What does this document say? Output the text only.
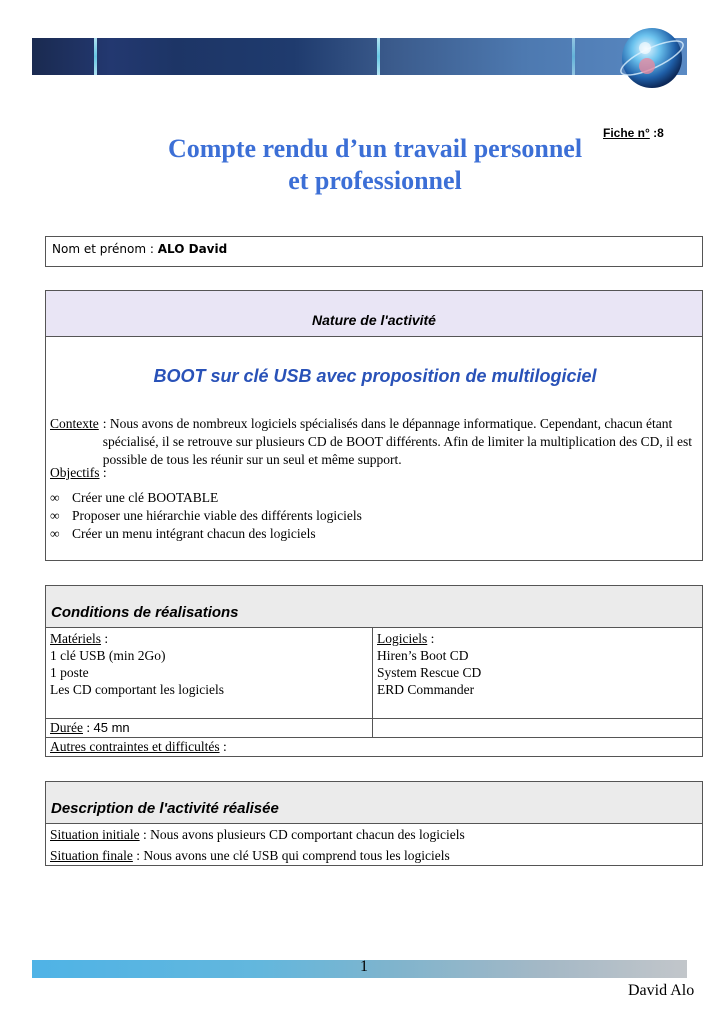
Fiche n° :8
Compte rendu d’un travail personnel
et professionnel
Nom et prénom : ALO David
Nature de l'activité
BOOT sur clé USB avec proposition de multilogiciel
Contexte : Nous avons de nombreux logiciels spécialisés dans le dépannage informatique. Cependant, chacun étant spécialisé, il se retrouve sur plusieurs CD de BOOT différents. Afin de limiter la multiplication des CD, il est possible de tous les réunir sur un seul et même support.
Objectifs :
∞ Créer une clé BOOTABLE
∞ Proposer une hiérarchie viable des différents logiciels
∞ Créer un menu intégrant chacun des logiciels
Conditions de réalisations
Matériels :
1 clé USB (min 2Go)
1 poste
Les CD comportant les logiciels
Logiciels :
Hiren’s Boot CD
System Rescue CD
ERD Commander
Durée : 45 mn
Autres contraintes et difficultés :
Description de l'activité réalisée
Situation initiale : Nous avons plusieurs CD comportant chacun des logiciels
Situation finale : Nous avons une clé USB qui comprend tous les logiciels
1
David Alo
